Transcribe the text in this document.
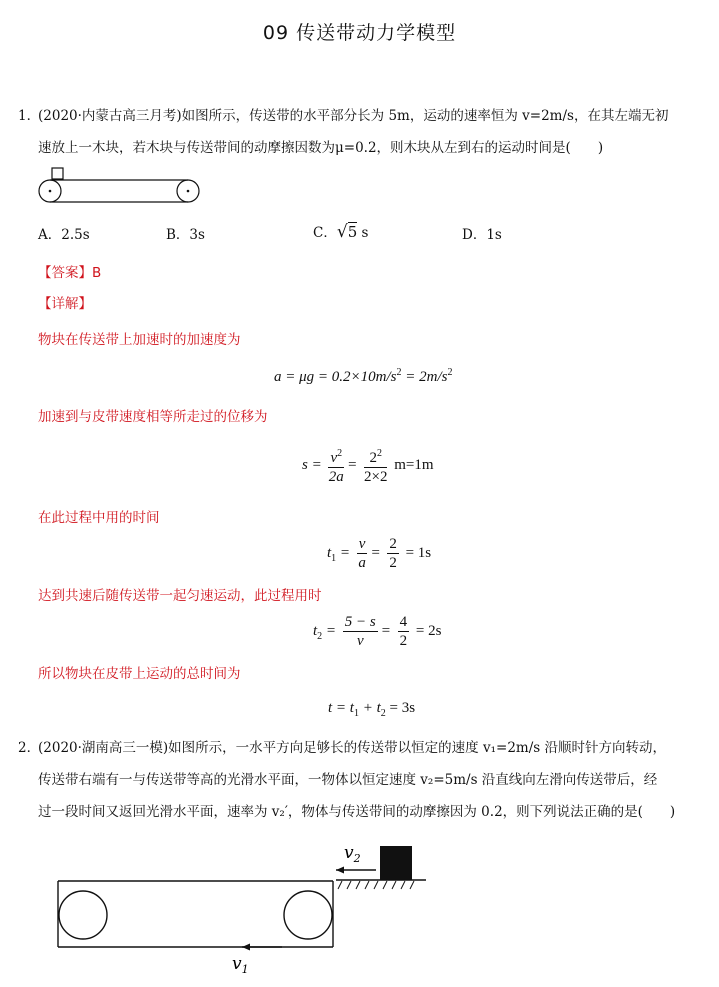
09 传送带动力学模型
1．
(2020·内蒙古高三月考)如图所示，传送带的水平部分长为 5m，运动的速率恒为 v=2m/s，在其左端无初
速放上一木块，若木块与传送带间的动摩擦因数为μ=0.2，则木块从左到右的运动时间是(　　)
A．2.5s	B．3s	C．√5 s	D．1s
【答案】B
【详解】
物块在传送带上加速时的加速度为
$a = \mu g = 0.2\times 10m/s^2 = 2m/s^2$
加速到与皮带速度相等所走过的位移为
$s = \frac{v^2}{2a} = \frac{2^2}{2\times 2} m=1m$
在此过程中用的时间
$t_1 = \frac{v}{a} = \frac{2}{2} = 1s$
达到共速后随传送带一起匀速运动，此过程用时
$t_2 = \frac{5 - s}{v} = \frac{4}{2} = 2s$
所以物块在皮带上运动的总时间为
$t = t_1 + t_2 = 3s$
2．
(2020·湖南高三一模)如图所示，一水平方向足够长的传送带以恒定的速度 v₁=2m/s 沿顺时针方向转动，
传送带右端有一与传送带等高的光滑水平面，一物体以恒定速度 v₂=5m/s 沿直线向左滑向传送带后，经
过一段时间又返回光滑水平面，速率为 v₂′，物体与传送带间的动摩擦因为 0.2，则下列说法正确的是(　　)
$v_2$
$v_1$
